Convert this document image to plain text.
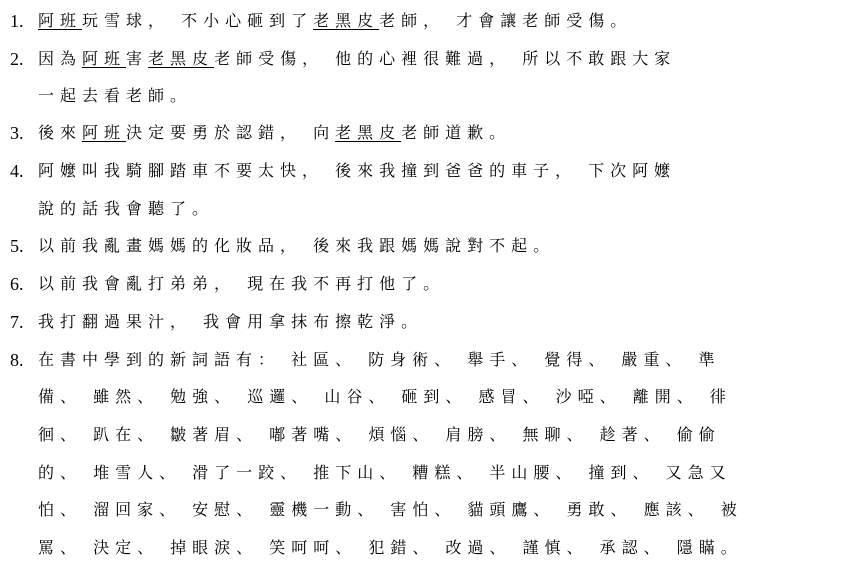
1. 阿班玩雪球， 不小心砸到了老黑皮老師， 才會讓老師受傷。
2. 因為阿班害老黑皮老師受傷， 他的心裡很難過， 所以不敢跟大家
一起去看老師。
3. 後來阿班決定要勇於認錯， 向老黑皮老師道歉。
4. 阿嬤叫我騎腳踏車不要太快， 後來我撞到爸爸的車子， 下次阿嬤
說的話我會聽了。
5. 以前我亂畫媽媽的化妝品， 後來我跟媽媽說對不起。
6. 以前我會亂打弟弟， 現在我不再打他了。
7. 我打翻過果汁， 我會用拿抹布擦乾淨。
8. 在書中學到的新詞語有： 社區、 防身術、 舉手、 覺得、 嚴重、 準
備、 雖然、 勉強、 巡邏、 山谷、 砸到、 感冒、 沙啞、 離開、 徘
徊、 趴在、 皺著眉、 嘟著嘴、 煩惱、 肩膀、 無聊、 趁著、 偷偷
的、 堆雪人、 滑了一跤、 推下山、 糟糕、 半山腰、 撞到、 又急又
怕、 溜回家、 安慰、 靈機一動、 害怕、 貓頭鷹、 勇敢、 應該、 被
罵、 決定、 掉眼淚、 笑呵呵、 犯錯、 改過、 謹慎、 承認、 隱瞞。
